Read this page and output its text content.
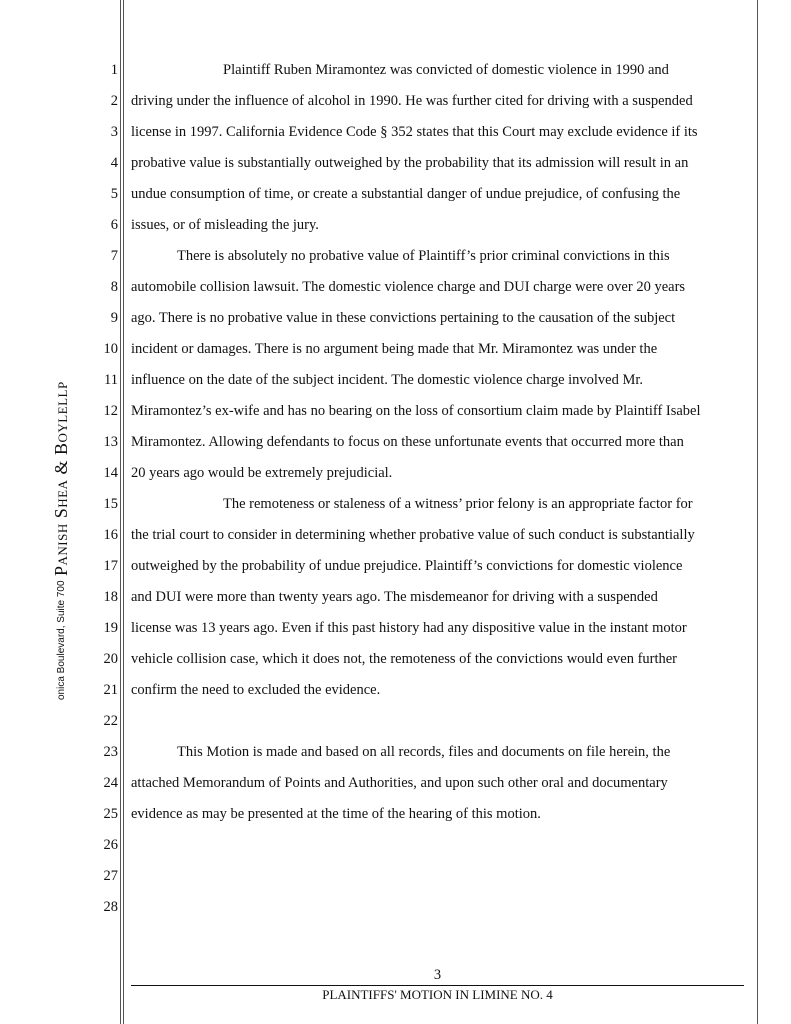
onica Boulevard, Suite 700 Panish Shea & Boylellp
1
2
3
4
5
6
7
8
9
10
11
12
13
14
15
16
17
18
19
20
21
22
23
24
25
26
27
28
Plaintiff Ruben Miramontez was convicted of domestic violence in 1990 and
driving under the influence of alcohol in 1990. He was further cited for driving with a suspended
license in 1997. California Evidence Code § 352 states that this Court may exclude evidence if its
probative value is substantially outweighed by the probability that its admission will result in an
undue consumption of time, or create a substantial danger of undue prejudice, of confusing the
issues, or of misleading the jury.
There is absolutely no probative value of Plaintiff’s prior criminal convictions in this
automobile collision lawsuit. The domestic violence charge and DUI charge were over 20 years
ago. There is no probative value in these convictions pertaining to the causation of the subject
incident or damages. There is no argument being made that Mr. Miramontez was under the
influence on the date of the subject incident. The domestic violence charge involved Mr.
Miramontez’s ex-wife and has no bearing on the loss of consortium claim made by Plaintiff Isabel
Miramontez. Allowing defendants to focus on these unfortunate events that occurred more than
20 years ago would be extremely prejudicial.
The remoteness or staleness of a witness’ prior felony is an appropriate factor for
the trial court to consider in determining whether probative value of such conduct is substantially
outweighed by the probability of undue prejudice. Plaintiff’s convictions for domestic violence
and DUI were more than twenty years ago. The misdemeanor for driving with a suspended
license was 13 years ago. Even if this past history had any dispositive value in the instant motor
vehicle collision case, which it does not, the remoteness of the convictions would even further
confirm the need to excluded the evidence.
This Motion is made and based on all records, files and documents on file herein, the
attached Memorandum of Points and Authorities, and upon such other oral and documentary
evidence as may be presented at the time of the hearing of this motion.
3
PLAINTIFFS' MOTION IN LIMINE NO. 4
